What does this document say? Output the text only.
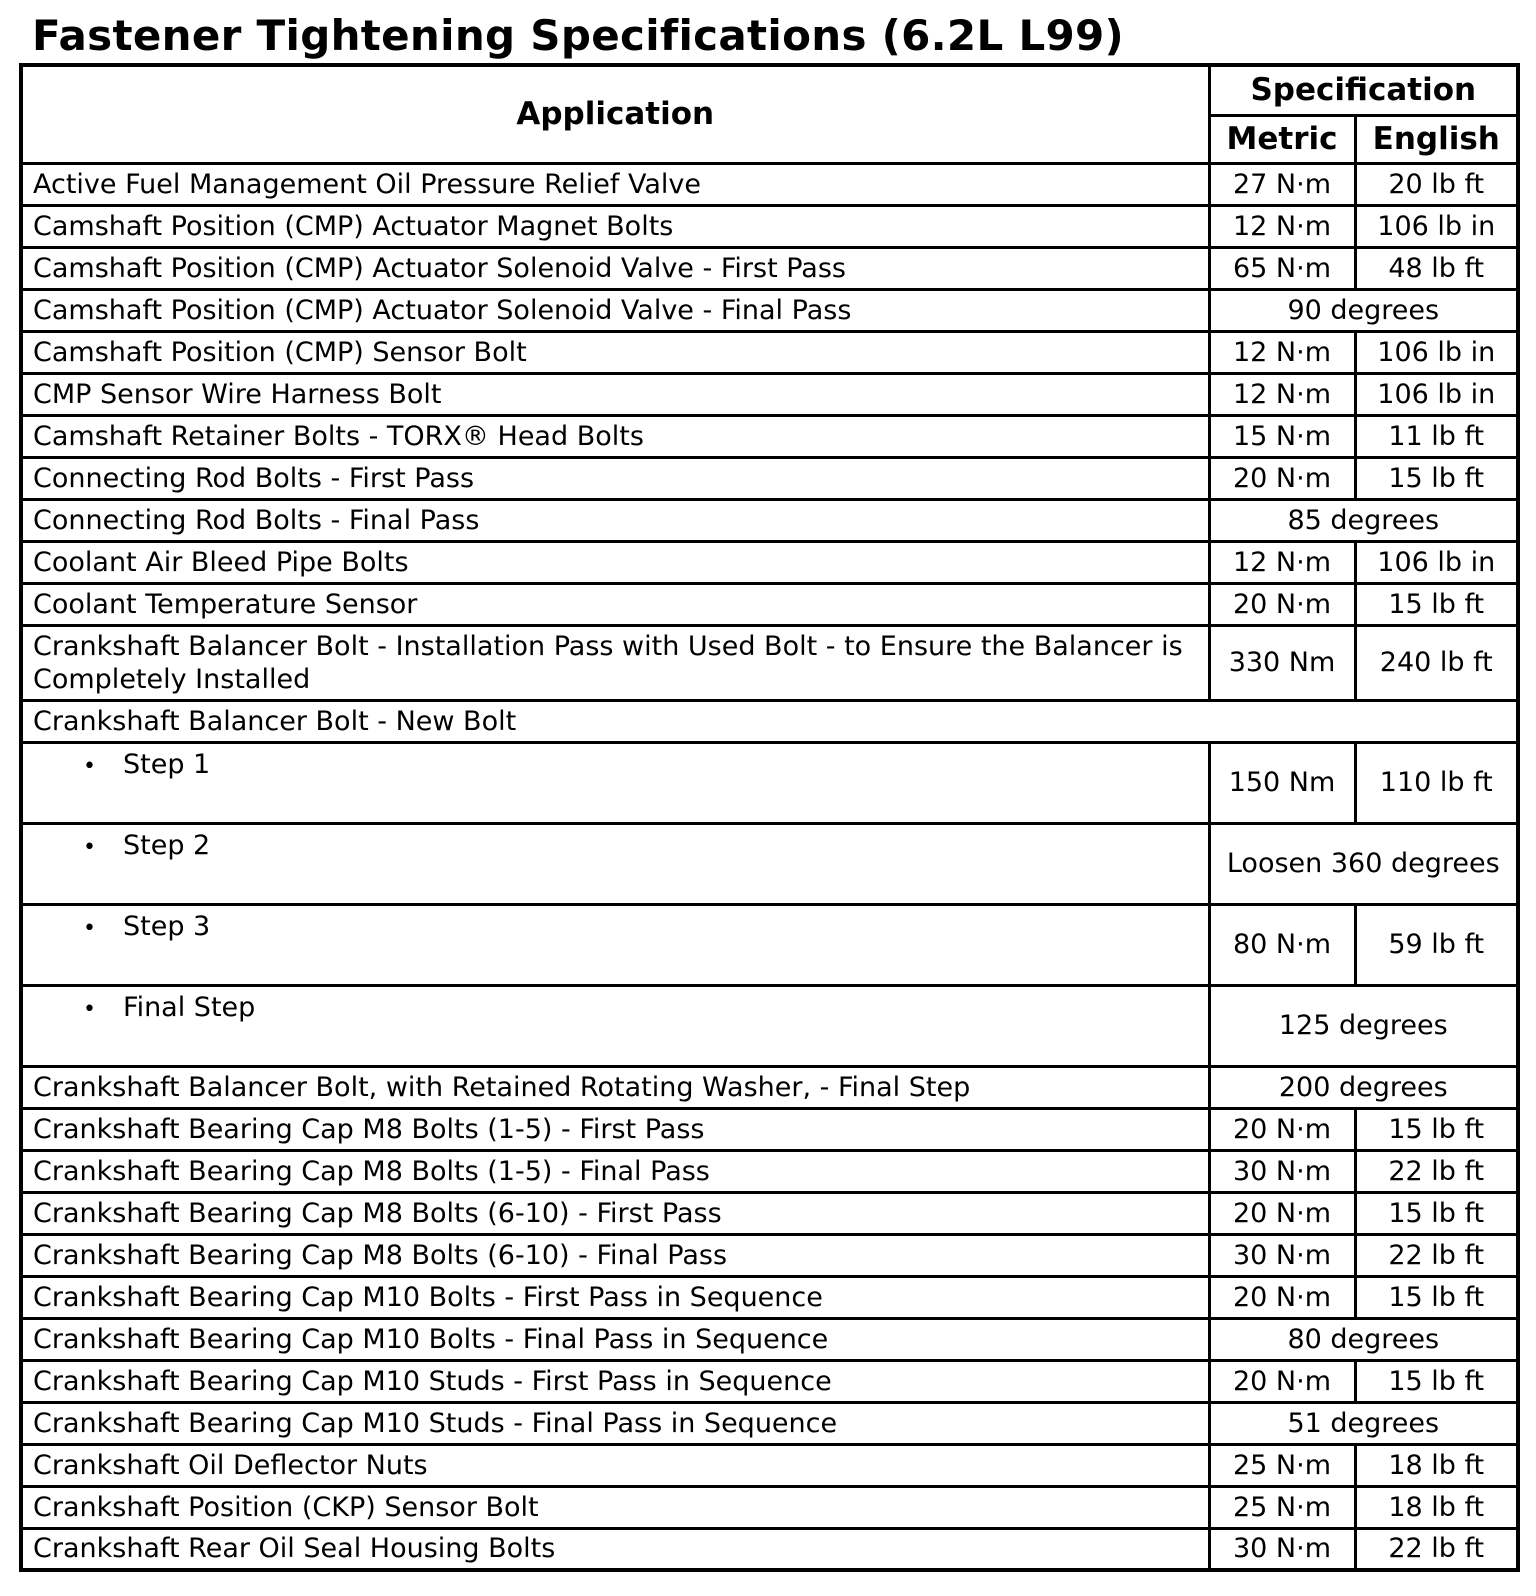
Fastener Tightening Specifications (6.2L L99)
Application	Specification	
	Metric	English
Active Fuel Management Oil Pressure Relief Valve	27 N·m	20 lb ft
Camshaft Position (CMP) Actuator Magnet Bolts	12 N·m	106 lb in
Camshaft Position (CMP) Actuator Solenoid Valve - First Pass	65 N·m	48 lb ft
Camshaft Position (CMP) Actuator Solenoid Valve - Final Pass	90 degrees	
Camshaft Position (CMP) Sensor Bolt	12 N·m	106 lb in
CMP Sensor Wire Harness Bolt	12 N·m	106 lb in
Camshaft Retainer Bolts - TORX® Head Bolts	15 N·m	11 lb ft
Connecting Rod Bolts - First Pass	20 N·m	15 lb ft
Connecting Rod Bolts - Final Pass	85 degrees	
Coolant Air Bleed Pipe Bolts	12 N·m	106 lb in
Coolant Temperature Sensor	20 N·m	15 lb ft
Crankshaft Balancer Bolt - Installation Pass with Used Bolt - to Ensure the Balancer is Completely Installed	330 Nm	240 lb ft
Crankshaft Balancer Bolt - New Bolt		
• Step 1	150 Nm	110 lb ft
• Step 2	Loosen 360 degrees	
• Step 3	80 N·m	59 lb ft
• Final Step	125 degrees	
Crankshaft Balancer Bolt, with Retained Rotating Washer, - Final Step	200 degrees	
Crankshaft Bearing Cap M8 Bolts (1-5) - First Pass	20 N·m	15 lb ft
Crankshaft Bearing Cap M8 Bolts (1-5) - Final Pass	30 N·m	22 lb ft
Crankshaft Bearing Cap M8 Bolts (6-10) - First Pass	20 N·m	15 lb ft
Crankshaft Bearing Cap M8 Bolts (6-10) - Final Pass	30 N·m	22 lb ft
Crankshaft Bearing Cap M10 Bolts - First Pass in Sequence	20 N·m	15 lb ft
Crankshaft Bearing Cap M10 Bolts - Final Pass in Sequence	80 degrees	
Crankshaft Bearing Cap M10 Studs - First Pass in Sequence	20 N·m	15 lb ft
Crankshaft Bearing Cap M10 Studs - Final Pass in Sequence	51 degrees	
Crankshaft Oil Deflector Nuts	25 N·m	18 lb ft
Crankshaft Position (CKP) Sensor Bolt	25 N·m	18 lb ft
Crankshaft Rear Oil Seal Housing Bolts	30 N·m	22 lb ft
